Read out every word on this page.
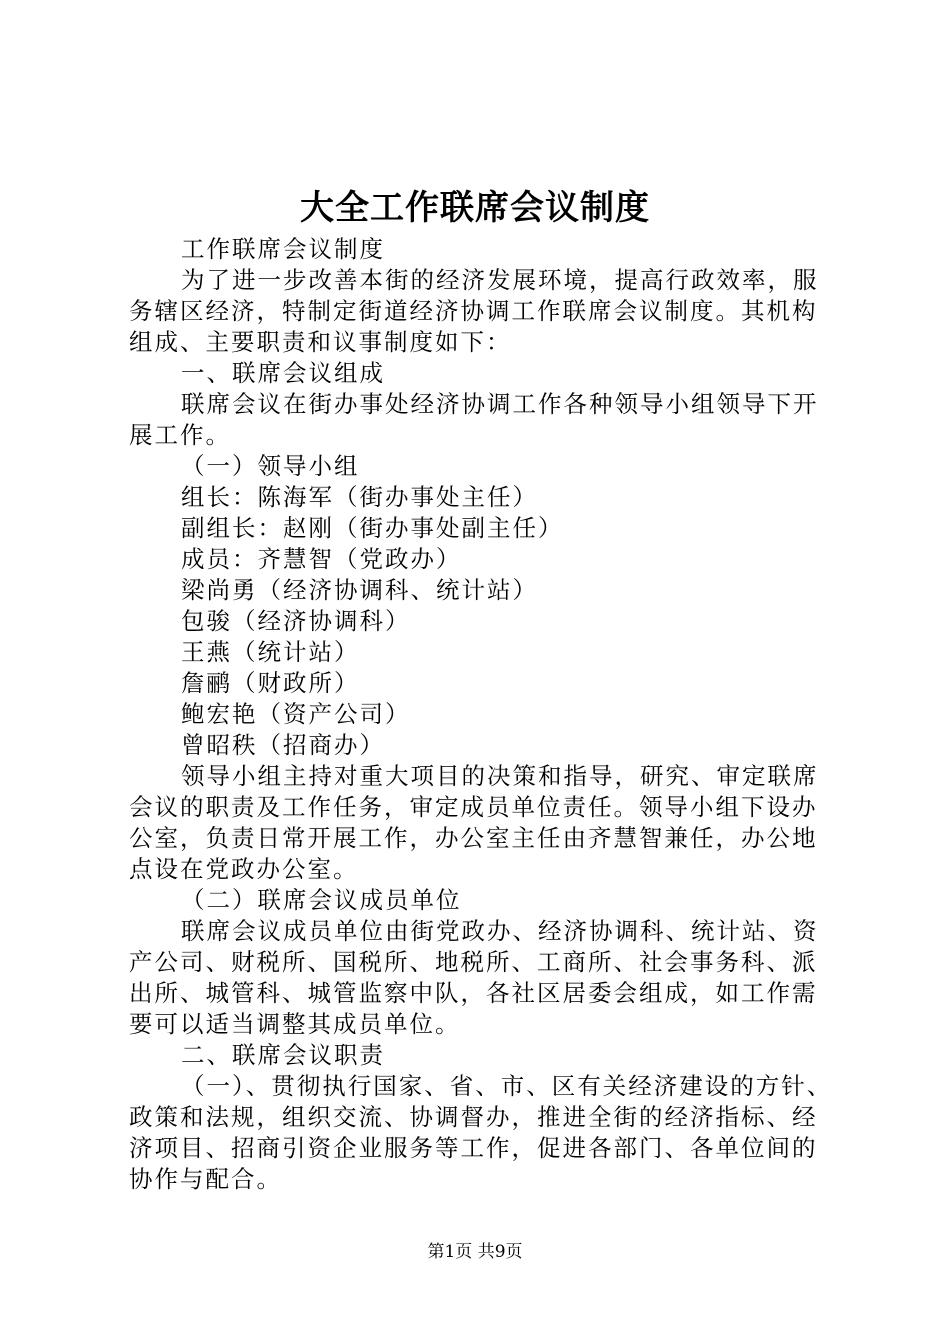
大全工作联席会议制度

工作联席会议制度

为了进一步改善本街的经济发展环境，提高行政效率，服务辖区经济，特制定街道经济协调工作联席会议制度。其机构组成、主要职责和议事制度如下：

一、联席会议组成

联席会议在街办事处经济协调工作各种领导小组领导下开展工作。

（一）领导小组

组长：陈海军（街办事处主任）

副组长：赵刚（街办事处副主任）

成员：齐慧智（党政办）

梁尚勇（经济协调科、统计站）

包骏（经济协调科）

王燕（统计站）

詹鹂（财政所）

鲍宏艳（资产公司）

曾昭秩（招商办）

领导小组主持对重大项目的决策和指导，研究、审定联席会议的职责及工作任务，审定成员单位责任。领导小组下设办公室，负责日常开展工作，办公室主任由齐慧智兼任，办公地点设在党政办公室。

（二）联席会议成员单位

联席会议成员单位由街党政办、经济协调科、统计站、资产公司、财税所、国税所、地税所、工商所、社会事务科、派出所、城管科、城管监察中队，各社区居委会组成，如工作需要可以适当调整其成员单位。

二、联席会议职责

（一）、贯彻执行国家、省、市、区有关经济建设的方针、政策和法规，组织交流、协调督办，推进全街的经济指标、经济项目、招商引资企业服务等工作，促进各部门、各单位间的协作与配合。

第1页 共9页
